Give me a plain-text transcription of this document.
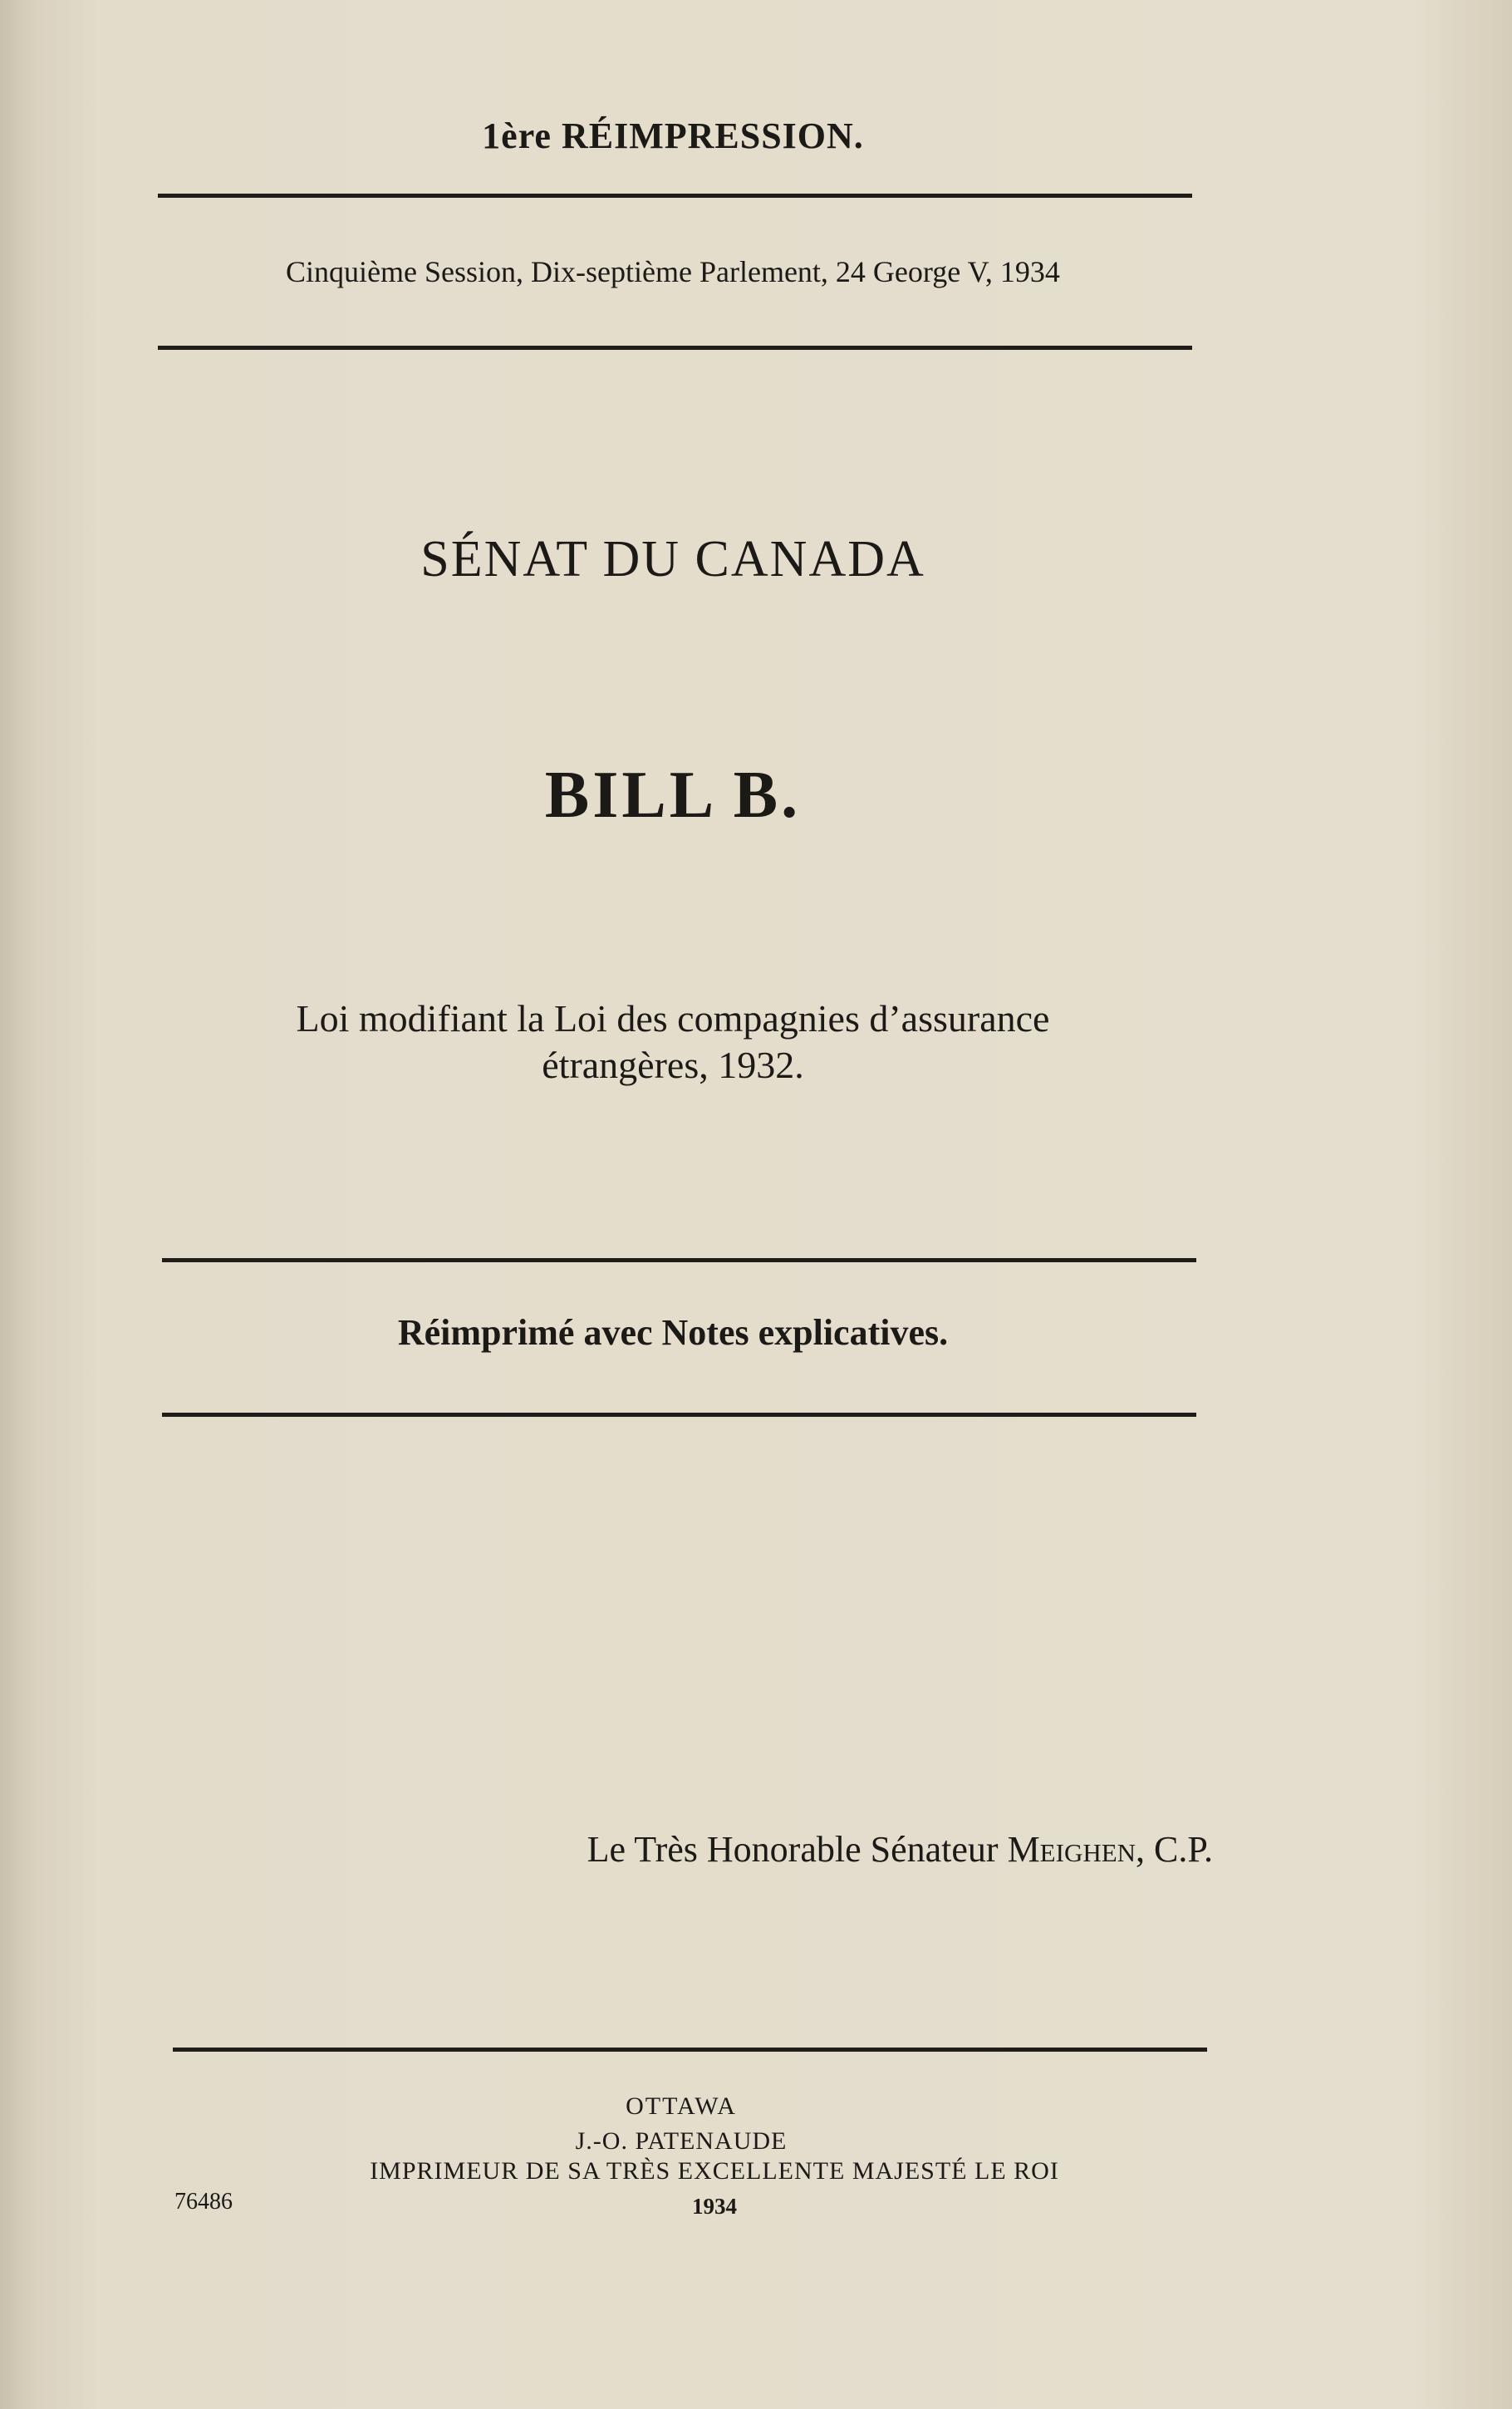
1ère RÉIMPRESSION.
Cinquième Session, Dix-septième Parlement, 24 George V, 1934
SÉNAT DU CANADA
BILL B.
Loi modifiant la Loi des compagnies d’assurance
étrangères, 1932.
Réimprimé avec Notes explicatives.
Le Très Honorable Sénateur Meighen, C.P.
OTTAWA
J.-O. PATENAUDE
IMPRIMEUR DE SA TRÈS EXCELLENTE MAJESTÉ LE ROI
1934
76486
